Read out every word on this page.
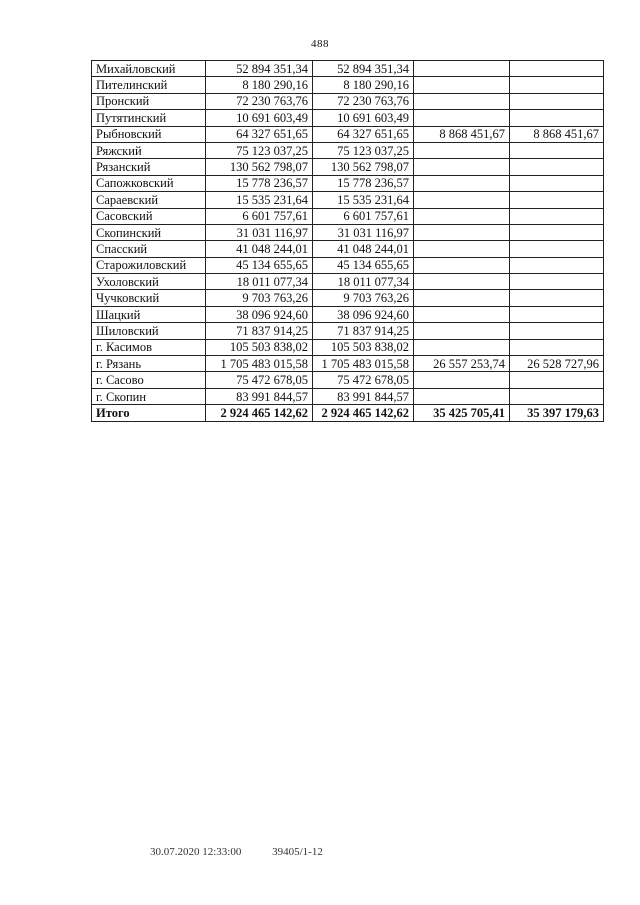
488
Михайловский	52 894 351,34	52 894 351,34		
Пителинский	8 180 290,16	8 180 290,16		
Пронский	72 230 763,76	72 230 763,76		
Путятинский	10 691 603,49	10 691 603,49		
Рыбновский	64 327 651,65	64 327 651,65	8 868 451,67	8 868 451,67
Ряжский	75 123 037,25	75 123 037,25		
Рязанский	130 562 798,07	130 562 798,07		
Сапожковский	15 778 236,57	15 778 236,57		
Сараевский	15 535 231,64	15 535 231,64		
Сасовский	6 601 757,61	6 601 757,61		
Скопинский	31 031 116,97	31 031 116,97		
Спасский	41 048 244,01	41 048 244,01		
Старожиловский	45 134 655,65	45 134 655,65		
Ухоловский	18 011 077,34	18 011 077,34		
Чучковский	9 703 763,26	9 703 763,26		
Шацкий	38 096 924,60	38 096 924,60		
Шиловский	71 837 914,25	71 837 914,25		
г. Касимов	105 503 838,02	105 503 838,02		
г. Рязань	1 705 483 015,58	1 705 483 015,58	26 557 253,74	26 528 727,96
г. Сасово	75 472 678,05	75 472 678,05		
г. Скопин	83 991 844,57	83 991 844,57		
Итого	2 924 465 142,62	2 924 465 142,62	35 425 705,41	35 397 179,63
30.07.2020 12:33:00	39405/1-12
